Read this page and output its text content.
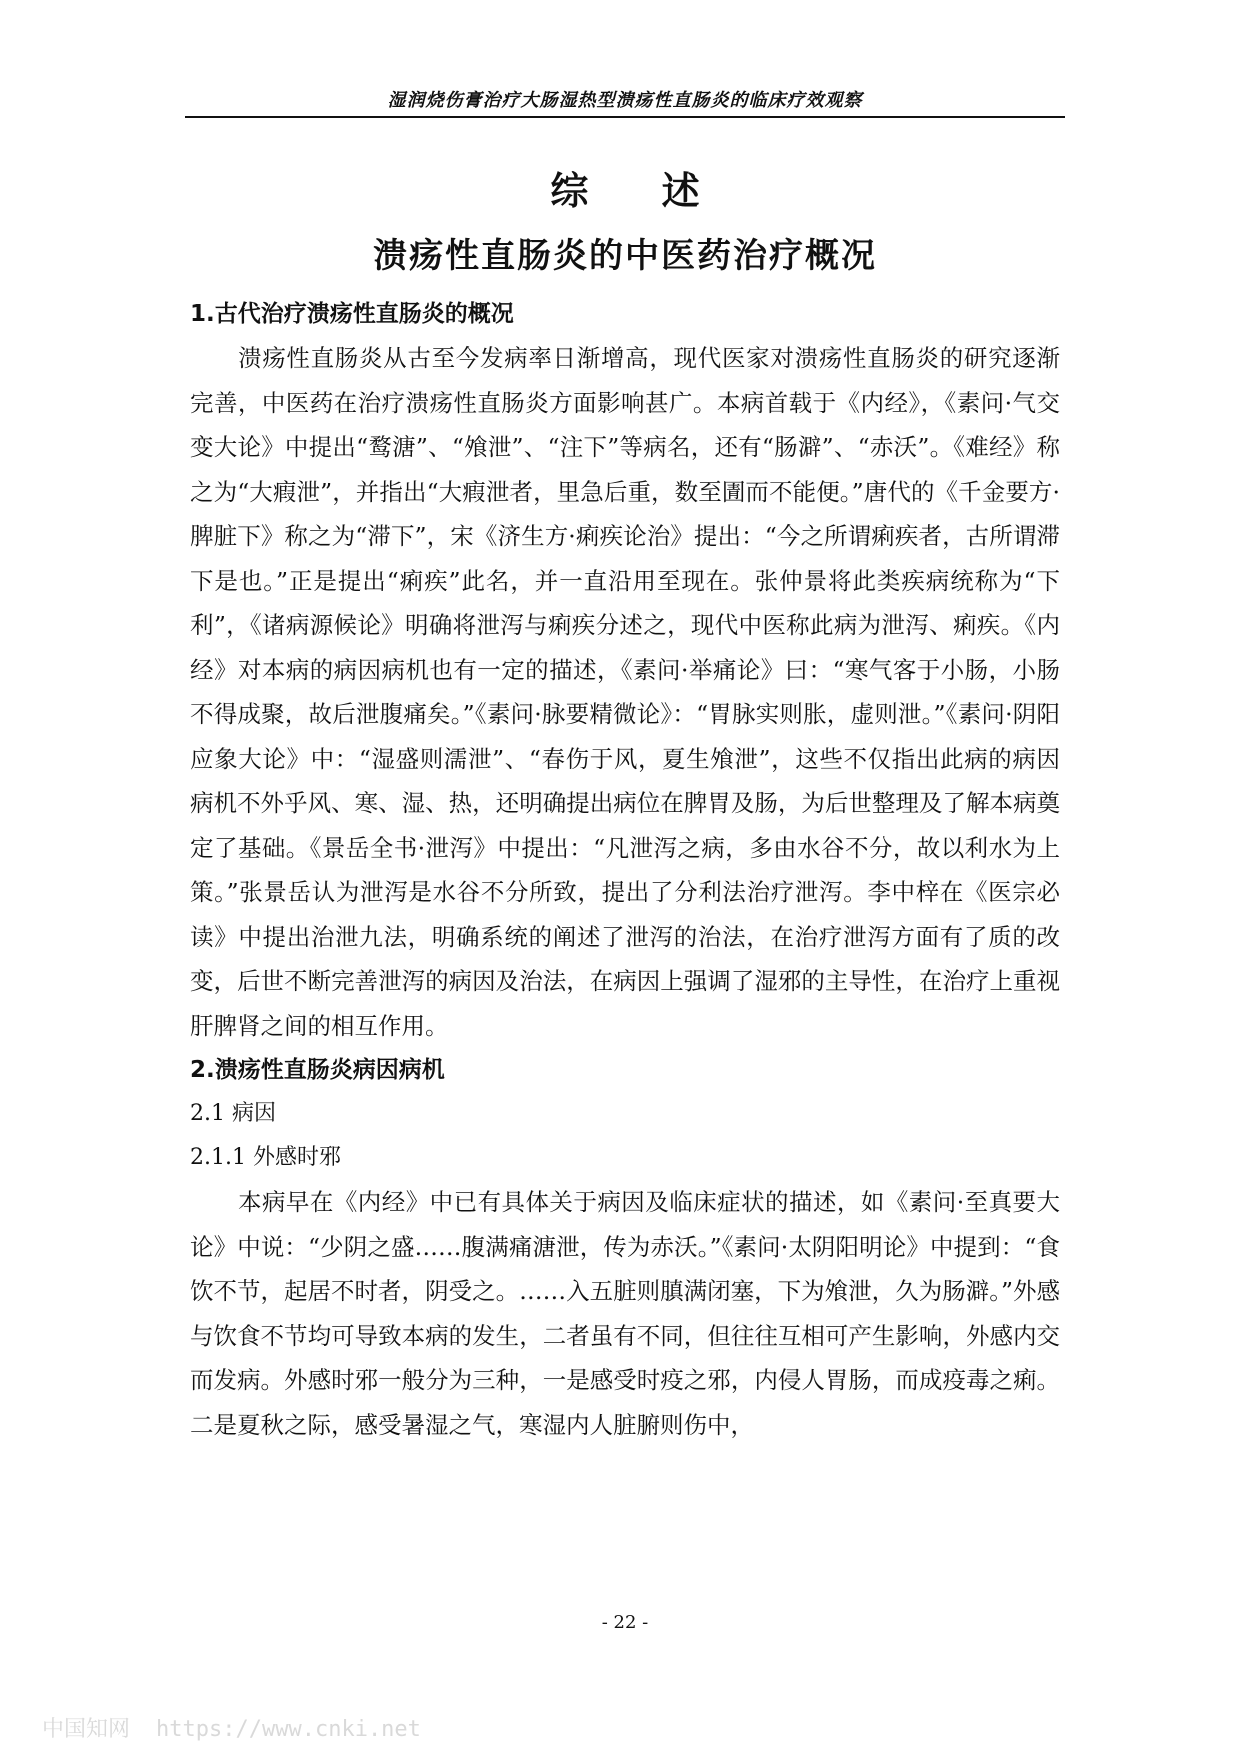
湿润烧伤膏治疗大肠湿热型溃疡性直肠炎的临床疗效观察
综 述
溃疡性直肠炎的中医药治疗概况
1.古代治疗溃疡性直肠炎的概况

溃疡性直肠炎从古至今发病率日渐增高，现代医家对溃疡性直肠炎的研究逐渐完善，中医药在治疗溃疡性直肠炎方面影响甚广。本病首载于《内经》，《素问·气交变大论》中提出“鹜溏”、“飧泄”、“注下”等病名，还有“肠澼”、“赤沃”。《难经》称之为“大瘕泄”，并指出“大瘕泄者，里急后重，数至圊而不能便。”唐代的《千金要方·脾脏下》称之为“滞下”，宋《济生方·痢疾论治》提出：“今之所谓痢疾者，古所谓滞下是也。”正是提出“痢疾”此名，并一直沿用至现在。张仲景将此类疾病统称为“下利”，《诸病源候论》明确将泄泻与痢疾分述之，现代中医称此病为泄泻、痢疾。《内经》对本病的病因病机也有一定的描述，《素问·举痛论》曰：“寒气客于小肠，小肠不得成聚，故后泄腹痛矣。”《素问·脉要精微论》：“胃脉实则胀，虚则泄。”《素问·阴阳应象大论》中：“湿盛则濡泄”、“春伤于风，夏生飧泄”，这些不仅指出此病的病因病机不外乎风、寒、湿、热，还明确提出病位在脾胃及肠，为后世整理及了解本病奠定了基础。《景岳全书·泄泻》中提出：“凡泄泻之病，多由水谷不分，故以利水为上策。”张景岳认为泄泻是水谷不分所致，提出了分利法治疗泄泻。李中梓在《医宗必读》中提出治泄九法，明确系统的阐述了泄泻的治法，在治疗泄泻方面有了质的改变，后世不断完善泄泻的病因及治法，在病因上强调了湿邪的主导性，在治疗上重视肝脾肾之间的相互作用。

2.溃疡性直肠炎病因病机
2.1 病因
2.1.1 外感时邪

本病早在《内经》中已有具体关于病因及临床症状的描述，如《素问·至真要大论》中说：“少阴之盛……腹满痛溏泄，传为赤沃。”《素问·太阴阳明论》中提到：“食饮不节，起居不时者，阴受之。……入五脏则䐜满闭塞，下为飧泄，久为肠澼。”外感与饮食不节均可导致本病的发生，二者虽有不同，但往往互相可产生影响，外感内交而发病。外感时邪一般分为三种，一是感受时疫之邪，内侵人胃肠，而成疫毒之痢。二是夏秋之际，感受暑湿之气，寒湿内人脏腑则伤中，

- 22 -
中国知网 https://www.cnki.net
